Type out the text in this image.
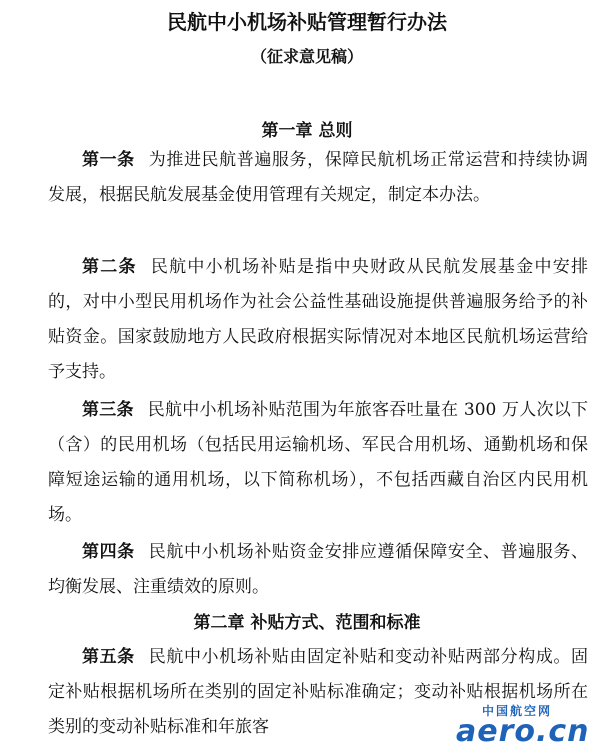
民航中小机场补贴管理暂行办法
（征求意见稿）
第一章 总则

第一条 为推进民航普遍服务，保障民航机场正常运营和持续协调发展，根据民航发展基金使用管理有关规定，制定本办法。

第二条 民航中小机场补贴是指中央财政从民航发展基金中安排的，对中小型民用机场作为社会公益性基础设施提供普遍服务给予的补贴资金。国家鼓励地方人民政府根据实际情况对本地区民航机场运营给予支持。

第三条 民航中小机场补贴范围为年旅客吞吐量在 300 万人次以下（含）的民用机场（包括民用运输机场、军民合用机场、通勤机场和保障短途运输的通用机场，以下简称机场），不包括西藏自治区内民用机场。

第四条 民航中小机场补贴资金安排应遵循保障安全、普遍服务、均衡发展、注重绩效的原则。

第二章 补贴方式、范围和标准

第五条 民航中小机场补贴由固定补贴和变动补贴两部分构成。固定补贴根据机场所在类别的固定补贴标准确定；变动补贴根据机场所在类别的变动补贴标准和年旅客

中国航空网
aero.cn
